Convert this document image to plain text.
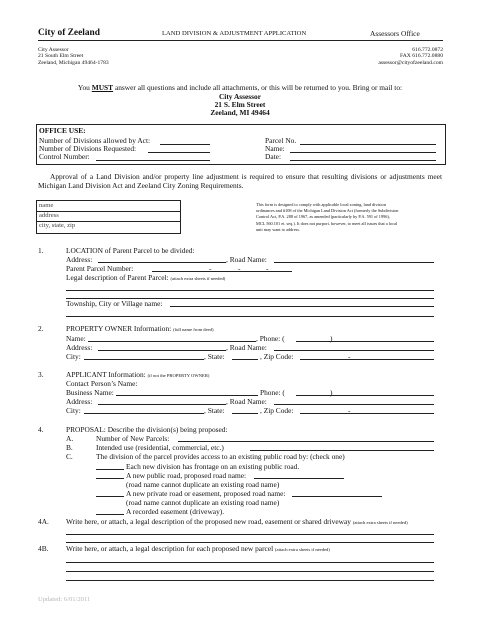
City of Zeeland	LAND DIVISION & ADJUSTMENT APPLICATION	Assessors Office
City Assessor
21 South Elm Street
Zeeland, Michigan 49464-1783
616.772.0872
FAX 616.772.0880
assessor@cityofzeeland.com
You MUST answer all questions and include all attachments, or this will be returned to you. Bring or mail to:
City Assessor
21 S. Elm Street
Zeeland, MI 49464
OFFICE USE:
Number of Divisions allowed by Act:
Number of Divisions Requested:
Control Number:
Parcel No.
Name:
Date:
Approval of a Land Division and/or property line adjustment is required to ensure that resulting divisions or adjustments meet Michigan Land Division Act and Zeeland City Zoning Requirements.
name
address
city, state, zip
This form is designed to comply with applicable local zoning, land division
ordinances and #108 of the Michigan Land Division Act (formerly the Subdivision
Control Act, P.A. 288 of 1967, as amended (particularly by P.A. 591 of 1996),
MCL 560.101 et. seq.). It does not purport, however, to meet all issues that a local
unit may want to address.
1.	LOCATION of Parent Parcel to be divided:
Address:	, Road Name:
Parent Parcel Number:	-	-	-
Legal description of Parent Parcel: (attach extra sheets if needed)
Township, City or Village name:
2.	PROPERTY OWNER Information: (full name from deed)
Name:	, Phone: (	)
Address:	, Road Name:
City:	, State:	, Zip Code:	-
3.	APPLICANT Information: (if not the PROPERTY OWNER)
Contact Person’s Name:
Business Name:	Phone: (	)
Address:	, Road Name:
City:	, State:	, Zip Code:	-
4.	PROPOSAL: Describe the division(s) being proposed:
A.	Number of New Parcels:
B.	Intended use (residential, commercial, etc.)
C.	The division of the parcel provides access to an existing public road by: (check one)
Each new division has frontage on an existing public road.
A new public road, proposed road name:
(road name cannot duplicate an existing road name)
A new private road or easement, proposed road name:
(road name cannot duplicate an existing road name)
A recorded easement (driveway).
4A. Write here, or attach, a legal description of the proposed new road, easement or shared driveway (attach extra sheets if needed)
4B. Write here, or attach, a legal description for each proposed new parcel (attach extra sheets if needed)
Updated: 6/01/2011
